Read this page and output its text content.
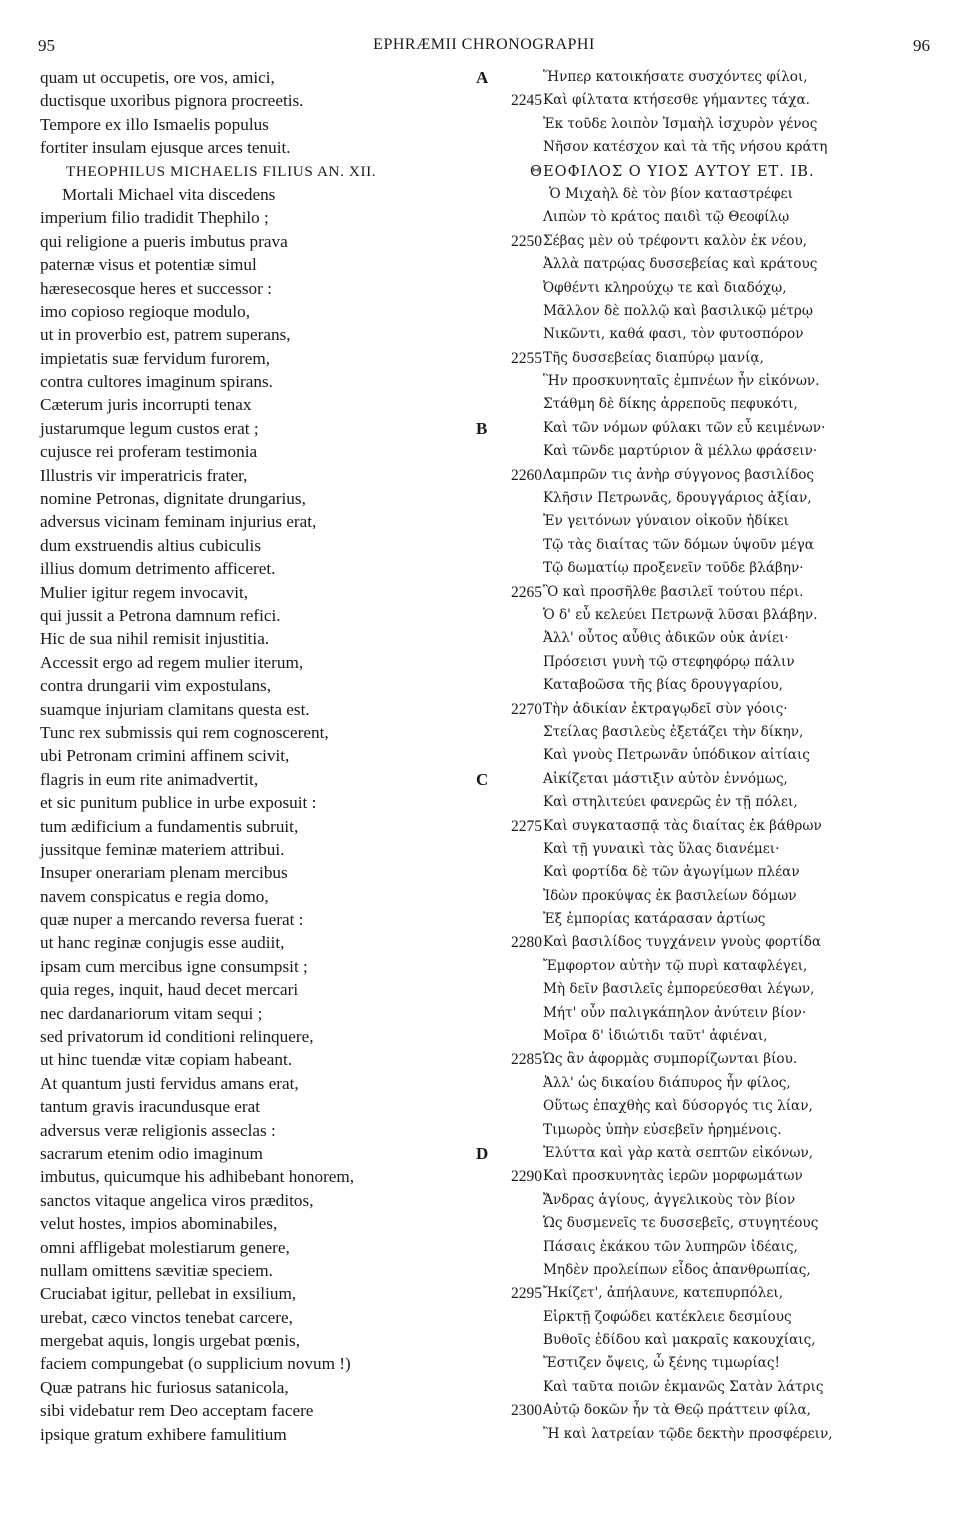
95	EPHRÆMII CHRONOGRAPHI	96
quam ut occupetis, ore vos, amici,
ductisque uxoribus pignora procreetis.
Tempore ex illo Ismaelis populus
fortiter insulam ejusque arces tenuit.
THEOPHILUS MICHAELIS FILIUS AN. XII.
Mortali Michael vita discedens
imperium filio tradidit Thephilo ;
qui religione a pueris imbutus prava
paternæ visus et potentiæ simul
hæresecosque heres et successor :
imo copioso regioque modulo,
ut in proverbio est, patrem superans,
impietatis suæ fervidum furorem,
contra cultores imaginum spirans.
Cæterum juris incorrupti tenax
justarumque legum custos erat ;
cujusce rei proferam testimonia
Illustris vir imperatricis frater,
nomine Petronas, dignitate drungarius,
adversus vicinam feminam injurius erat,
dum exstruendis altius cubiculis
illius domum detrimento afficeret.
Mulier igitur regem invocavit,
qui jussit a Petrona damnum refici.
Hic de sua nihil remisit injustitia.
Accessit ergo ad regem mulier iterum,
contra drungarii vim expostulans,
suamque injuriam clamitans questa est.
Tunc rex submissis qui rem cognoscerent,
ubi Petronam crimini affinem scivit,
flagris in eum rite animadvertit,
et sic punitum publice in urbe exposuit :
tum ædificium a fundamentis subruit,
jussitque feminæ materiem attribui.
Insuper onerariam plenam mercibus
navem conspicatus e regia domo,
quæ nuper a mercando reversa fuerat :
ut hanc reginæ conjugis esse audiit,
ipsam cum mercibus igne consumpsit ;
quia reges, inquit, haud decet mercari
nec dardanariorum vitam sequi ;
sed privatorum id conditioni relinquere,
ut hinc tuendæ vitæ copiam habeant.
At quantum justi fervidus amans erat,
tantum gravis iracundusque erat
adversus veræ religionis asseclas :
sacrarum etenim odio imaginum
imbutus, quicumque his adhibebant honorem,
sanctos vitaque angelica viros præditos,
velut hostes, impios abominabiles,
omni affligebat molestiarum genere,
nullam omittens sævitiæ speciem.
Cruciabat igitur, pellebat in exsilium,
urebat, cæco vinctos tenebat carcere,
mergebat aquis, longis urgebat pœnis,
faciem compungebat (o supplicium novum !)
Quæ patrans hic furiosus satanicola,
sibi videbatur rem Deo acceptam facere
ipsique gratum exhibere famulitium
A	Ἥνπερ κατοικήσατε συσχόντες φίλοι,
2245 Καὶ φίλτατα κτήσεσθε γήμαντες τάχα.
Ἐκ τοῦδε λοιπὸν Ἰσμαὴλ ἰσχυρὸν γένος
Νῆσον κατέσχον καὶ τὰ τῆς νήσου κράτη
ΘΕΟΦΙΛΟΣ Ο ΥΙΟΣ ΑΥΤΟΥ ΕΤ. ΙΒ.
Ὁ Μιχαὴλ δὲ τὸν βίον καταστρέφει
Λιπὼν τὸ κράτος παιδὶ τῷ Θεοφίλῳ
2250 Σέβας μὲν οὐ τρέφοντι καλὸν ἐκ νέου,
Ἀλλὰ πατρῴας δυσσεβείας καὶ κράτους
Ὀφθέντι κληρούχῳ τε καὶ διαδόχῳ,
Μᾶλλον δὲ πολλῷ καὶ βασιλικῷ μέτρῳ
Νικῶντι, καθά φασι, τὸν φυτοσπόρον
2255 Τῆς δυσσεβείας διαπύρῳ μανίᾳ,
Ἣν προσκυνηταῖς ἐμπνέων ἦν εἰκόνων.
Στάθμη δὲ δίκης ἀρρεποῦς πεφυκότι,
B	Καὶ τῶν νόμων φύλακι τῶν εὖ κειμένων·
Καὶ τῶνδε μαρτύριον ἃ μέλλω φράσειν·
2260 Λαμπρῶν τις ἀνὴρ σύγγονος βασιλίδος
Κλῆσιν Πετρωνᾶς, δρουγγάριος ἀξίαν,
Ἐν γειτόνων γύναιον οἰκοῦν ἠδίκει
Τῷ τὰς διαίτας τῶν δόμων ὑψοῦν μέγα
Τῷ δωματίῳ προξενεῖν τοῦδε βλάβην·
2265 Ὃ καὶ προσῆλθε βασιλεῖ τούτου πέρι.
Ὁ δ' εὖ κελεύει Πετρωνᾷ λῦσαι βλάβην.
Ἀλλ' οὗτος αὖθις ἀδικῶν οὐκ ἀνίει·
Πρόσεισι γυνὴ τῷ στεφηφόρῳ πάλιν
Καταβοῶσα τῆς βίας δρουγγαρίου,
2270 Τὴν ἀδικίαν ἐκτραγῳδεῖ σὺν γόοις·
Στείλας βασιλεὺς ἐξετάζει τὴν δίκην,
Καὶ γνοὺς Πετρωνᾶν ὑπόδικον αἰτίαις
C	Αἰκίζεται μάστιξιν αὐτὸν ἐννόμως,
Καὶ στηλιτεύει φανερῶς ἐν τῇ πόλει,
2275 Καὶ συγκατασπᾷ τὰς διαίτας ἐκ βάθρων
Καὶ τῇ γυναικὶ τὰς ὕλας διανέμει·
Καὶ φορτίδα δὲ τῶν ἀγωγίμων πλέαν
Ἰδὼν προκύψας ἐκ βασιλείων δόμων
Ἐξ ἐμπορίας κατάρασαν ἀρτίως
2280 Καὶ βασιλίδος τυγχάνειν γνοὺς φορτίδα
Ἔμφορτον αὐτὴν τῷ πυρὶ καταφλέγει,
Μὴ δεῖν βασιλεῖς ἐμπορεύεσθαι λέγων,
Μήτ' οὖν παλιγκάπηλον ἀνύτειν βίον·
Μοῖρα δ' ἰδιώτιδι ταῦτ' ἀφιέναι,
2285 Ὡς ἂν ἀφορμὰς συμπορίζωνται βίου.
Ἀλλ' ὡς δικαίου διάπυρος ἦν φίλος,
Οὕτως ἐπαχθὴς καὶ δύσοργός τις λίαν,
Τιμωρὸς ὑπὴν εὐσεβεῖν ἠρημένοις.
D	Ἐλύττα καὶ γὰρ κατὰ σεπτῶν εἰκόνων,
2290 Καὶ προσκυνητὰς ἱερῶν μορφωμάτων
Ἄνδρας ἁγίους, ἀγγελικοὺς τὸν βίον
Ὡς δυσμενεῖς τε δυσσεβεῖς, στυγητέους
Πάσαις ἐκάκου τῶν λυπηρῶν ἰδέαις,
Μηδὲν προλείπων εἶδος ἀπανθρωπίας,
2295 Ἤκίζετ', ἀπήλαυνε, κατεπυρπόλει,
Εἱρκτῇ ζοφώδει κατέκλειε δεσμίους
Βυθοῖς ἐδίδου καὶ μακραῖς κακουχίαις,
Ἔστιζεν ὄψεις, ὦ ξένης τιμωρίας!
Καὶ ταῦτα ποιῶν ἐκμανῶς Σατὰν λάτρις
2300 Αὐτῷ δοκῶν ἦν τὰ Θεῷ πράττειν φίλα,
Ἢ καὶ λατρείαν τῷδε δεκτὴν προσφέρειν,
